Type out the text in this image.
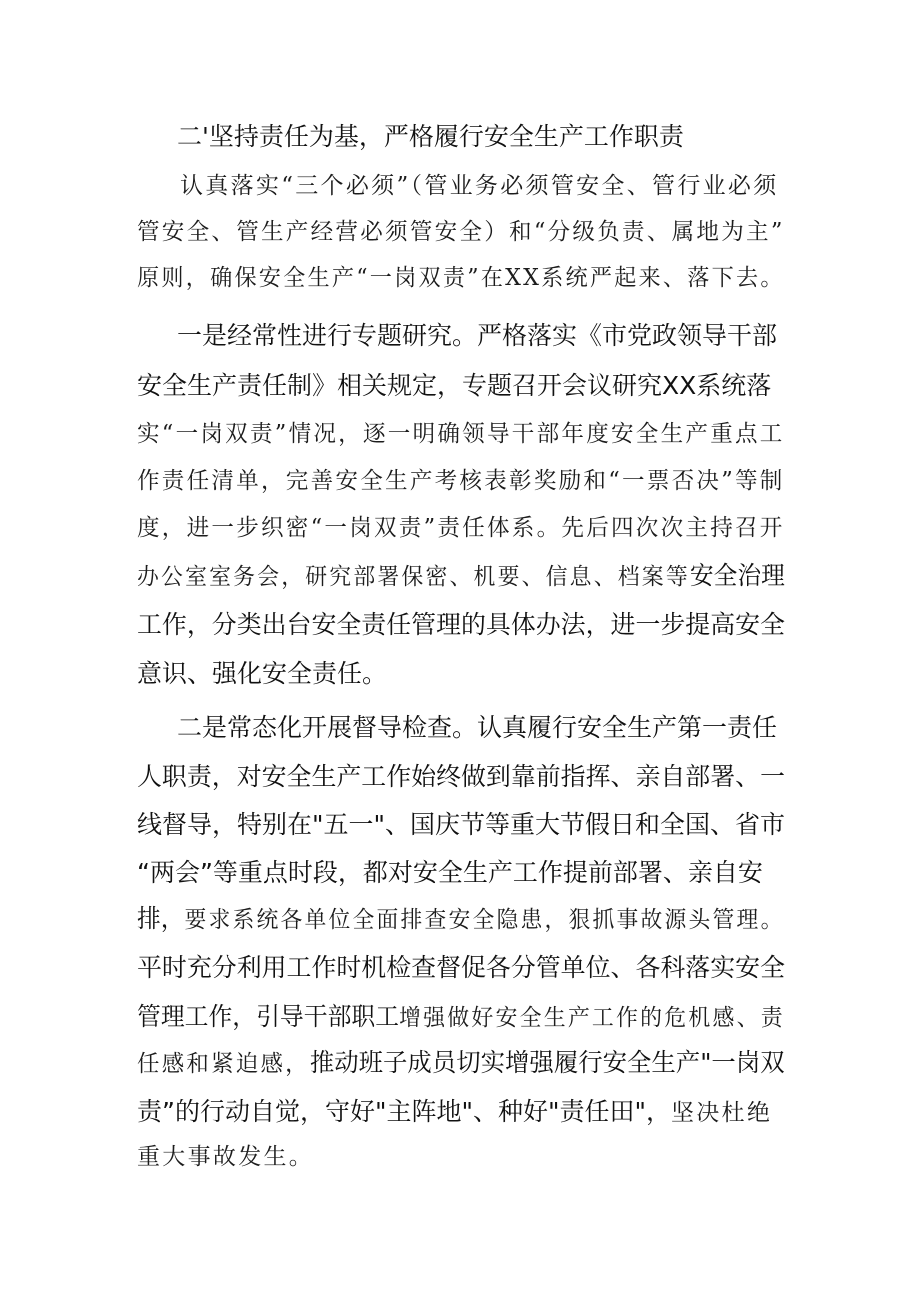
二'坚持责任为基，严格履行安全生产工作职责
认真落实“三个必须”（管业务必须管安全、管行业必须
管安全、管生产经营必须管安全）和“分级负责、属地为主”
原则，确保安全生产“一岗双责”在XX系统严起来、落下去。
一是经常性进行专题研究。严格落实《市党政领导干部
安全生产责任制》相关规定，专题召开会议研究XX系统落
实“一岗双责”情况，逐一明确领导干部年度安全生产重点工
作责任清单，完善安全生产考核表彰奖励和“一票否决”等制
度，进一步织密“一岗双责”责任体系。先后四次次主持召开
办公室室务会，研究部署保密、机要、信息、档案等安全治理
工作，分类出台安全责任管理的具体办法，进一步提高安全
意识、强化安全责任。
二是常态化开展督导检查。认真履行安全生产第一责任
人职责，对安全生产工作始终做到靠前指挥、亲自部署、一
线督导，特别在"五一"、国庆节等重大节假日和全国、省市
“两会”等重点时段，都对安全生产工作提前部署、亲自安
排，要求系统各单位全面排查安全隐患，狠抓事故源头管理。
平时充分利用工作时机检查督促各分管单位、各科落实安全
管理工作，引导干部职工增强做好安全生产工作的危机感、责
任感和紧迫感，推动班子成员切实增强履行安全生产"一岗双
责”的行动自觉，守好"主阵地"、种好"责任田"，坚决杜绝
重大事故发生。
